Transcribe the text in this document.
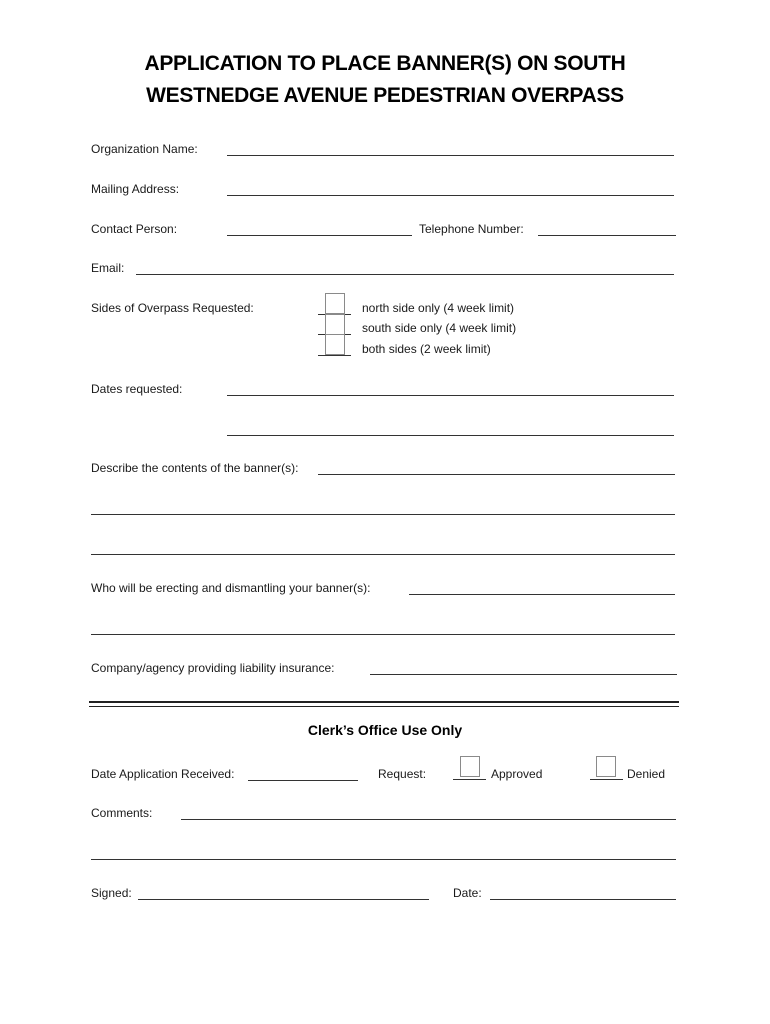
APPLICATION TO PLACE BANNER(S) ON SOUTH
WESTNEDGE AVENUE PEDESTRIAN OVERPASS
Organization Name:
Mailing Address:
Contact Person:	Telephone Number:
Email:
Sides of Overpass Requested:	north side only (4 week limit)
south side only (4 week limit)
both sides (2 week limit)
Dates requested:
Describe the contents of the banner(s):
Who will be erecting and dismantling your banner(s):
Company/agency providing liability insurance:
Clerk’s Office Use Only
Date Application Received:	Request:	Approved	Denied
Comments:
Signed:	Date:
